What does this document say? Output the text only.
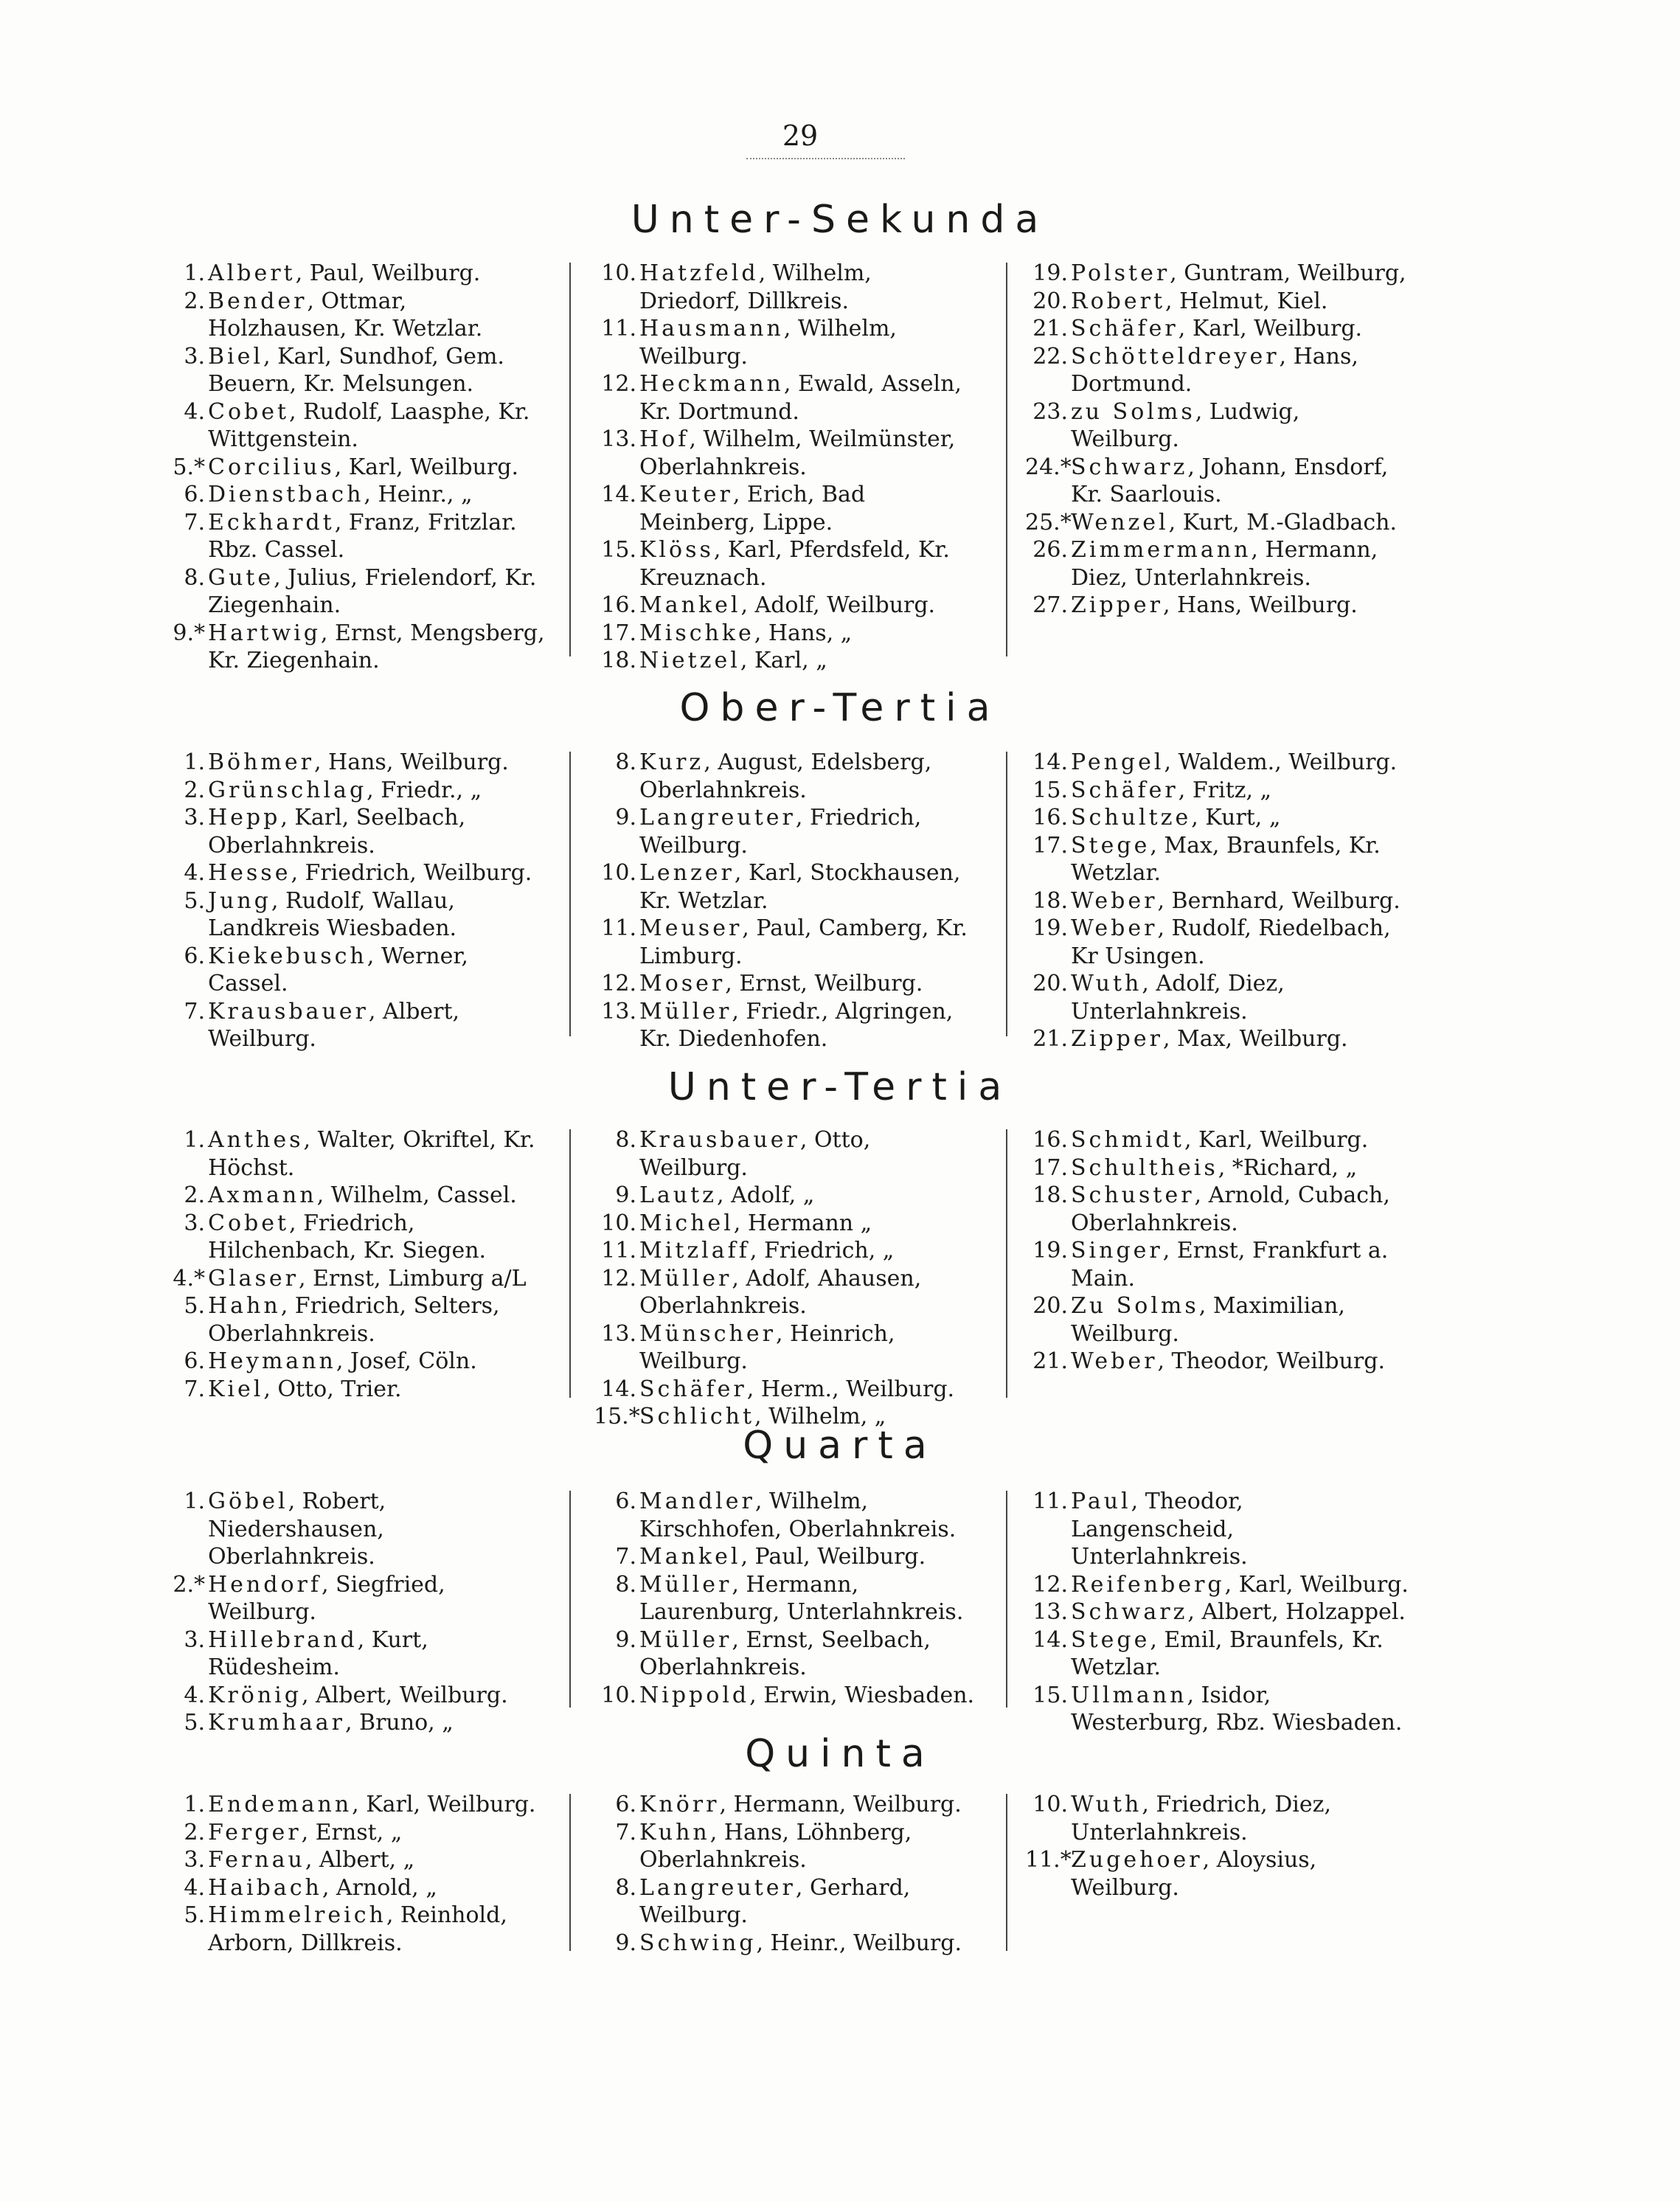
29
Unter-Sekunda
1. Albert, Paul, Weilburg.
2. Bender, Ottmar, Holzhausen, Kr. Wetzlar.
3. Biel, Karl, Sundhof, Gem. Beuern, Kr. Melsungen.
4. Cobet, Rudolf, Laasphe, Kr. Wittgenstein.
5.* Corcilius, Karl, Weilburg.
6. Dienstbach, Heinr., „
7. Eckhardt, Franz, Fritzlar. Rbz. Cassel.
8. Gute, Julius, Frielendorf, Kr. Ziegenhain.
9.* Hartwig, Ernst, Mengsberg, Kr. Ziegenhain.
10. Hatzfeld, Wilhelm, Driedorf, Dillkreis.
11. Hausmann, Wilhelm, Weilburg.
12. Heckmann, Ewald, Asseln, Kr. Dortmund.
13. Hof, Wilhelm, Weilmünster, Oberlahnkreis.
14. Keuter, Erich, Bad Meinberg, Lippe.
15. Klöss, Karl, Pferdsfeld, Kr. Kreuznach.
16. Mankel, Adolf, Weilburg.
17. Mischke, Hans, „
18. Nietzel, Karl, „
19. Polster, Guntram, Weilburg,
20. Robert, Helmut, Kiel.
21. Schäfer, Karl, Weilburg.
22. Schötteldreyer, Hans, Dortmund.
23. zu Solms, Ludwig, Weilburg.
24.* Schwarz, Johann, Ensdorf, Kr. Saarlouis.
25.* Wenzel, Kurt, M.-Gladbach.
26. Zimmermann, Hermann, Diez, Unterlahnkreis.
27. Zipper, Hans, Weilburg.
Ober-Tertia
1. Böhmer, Hans, Weilburg.
2. Grünschlag, Friedr., „
3. Hepp, Karl, Seelbach, Oberlahnkreis.
4. Hesse, Friedrich, Weilburg.
5. Jung, Rudolf, Wallau, Landkreis Wiesbaden.
6. Kiekebusch, Werner, Cassel.
7. Krausbauer, Albert, Weilburg.
8. Kurz, August, Edelsberg, Oberlahnkreis.
9. Langreuter, Friedrich, Weilburg.
10. Lenzer, Karl, Stockhausen, Kr. Wetzlar.
11. Meuser, Paul, Camberg, Kr. Limburg.
12. Moser, Ernst, Weilburg.
13. Müller, Friedr., Algringen, Kr. Diedenhofen.
14. Pengel, Waldem., Weilburg.
15. Schäfer, Fritz, „
16. Schultze, Kurt, „
17. Stege, Max, Braunfels, Kr. Wetzlar.
18. Weber, Bernhard, Weilburg.
19. Weber, Rudolf, Riedelbach, Kr Usingen.
20. Wuth, Adolf, Diez, Unterlahnkreis.
21. Zipper, Max, Weilburg.
Unter-Tertia
1. Anthes, Walter, Okriftel, Kr. Höchst.
2. Axmann, Wilhelm, Cassel.
3. Cobet, Friedrich, Hilchenbach, Kr. Siegen.
4.* Glaser, Ernst, Limburg a/L
5. Hahn, Friedrich, Selters, Oberlahnkreis.
6. Heymann, Josef, Cöln.
7. Kiel, Otto, Trier.
8. Krausbauer, Otto, Weilburg.
9. Lautz, Adolf, „
10. Michel, Hermann „
11. Mitzlaff, Friedrich, „
12. Müller, Adolf, Ahausen, Oberlahnkreis.
13. Münscher, Heinrich, Weilburg.
14. Schäfer, Herm., Weilburg.
15.* Schlicht, Wilhelm, „
16. Schmidt, Karl, Weilburg.
17. Schultheis, *Richard, „
18. Schuster, Arnold, Cubach, Oberlahnkreis.
19. Singer, Ernst, Frankfurt a. Main.
20. Zu Solms, Maximilian, Weilburg.
21. Weber, Theodor, Weilburg.
Quarta
1. Göbel, Robert, Niedershausen, Oberlahnkreis.
2.* Hendorf, Siegfried, Weilburg.
3. Hillebrand, Kurt, Rüdesheim.
4. Krönig, Albert, Weilburg.
5. Krumhaar, Bruno, „
6. Mandler, Wilhelm, Kirschhofen, Oberlahnkreis.
7. Mankel, Paul, Weilburg.
8. Müller, Hermann, Laurenburg, Unterlahnkreis.
9. Müller, Ernst, Seelbach, Oberlahnkreis.
10. Nippold, Erwin, Wiesbaden.
11. Paul, Theodor, Langenscheid, Unterlahnkreis.
12. Reifenberg, Karl, Weilburg.
13. Schwarz, Albert, Holzappel.
14. Stege, Emil, Braunfels, Kr. Wetzlar.
15. Ullmann, Isidor, Westerburg, Rbz. Wiesbaden.
Quinta
1. Endemann, Karl, Weilburg.
2. Ferger, Ernst, „
3. Fernau, Albert, „
4. Haibach, Arnold, „
5. Himmelreich, Reinhold, Arborn, Dillkreis.
6. Knörr, Hermann, Weilburg.
7. Kuhn, Hans, Löhnberg, Oberlahnkreis.
8. Langreuter, Gerhard, Weilburg.
9. Schwing, Heinr., Weilburg.
10. Wuth, Friedrich, Diez, Unterlahnkreis.
11.* Zugehoer, Aloysius, Weilburg.
